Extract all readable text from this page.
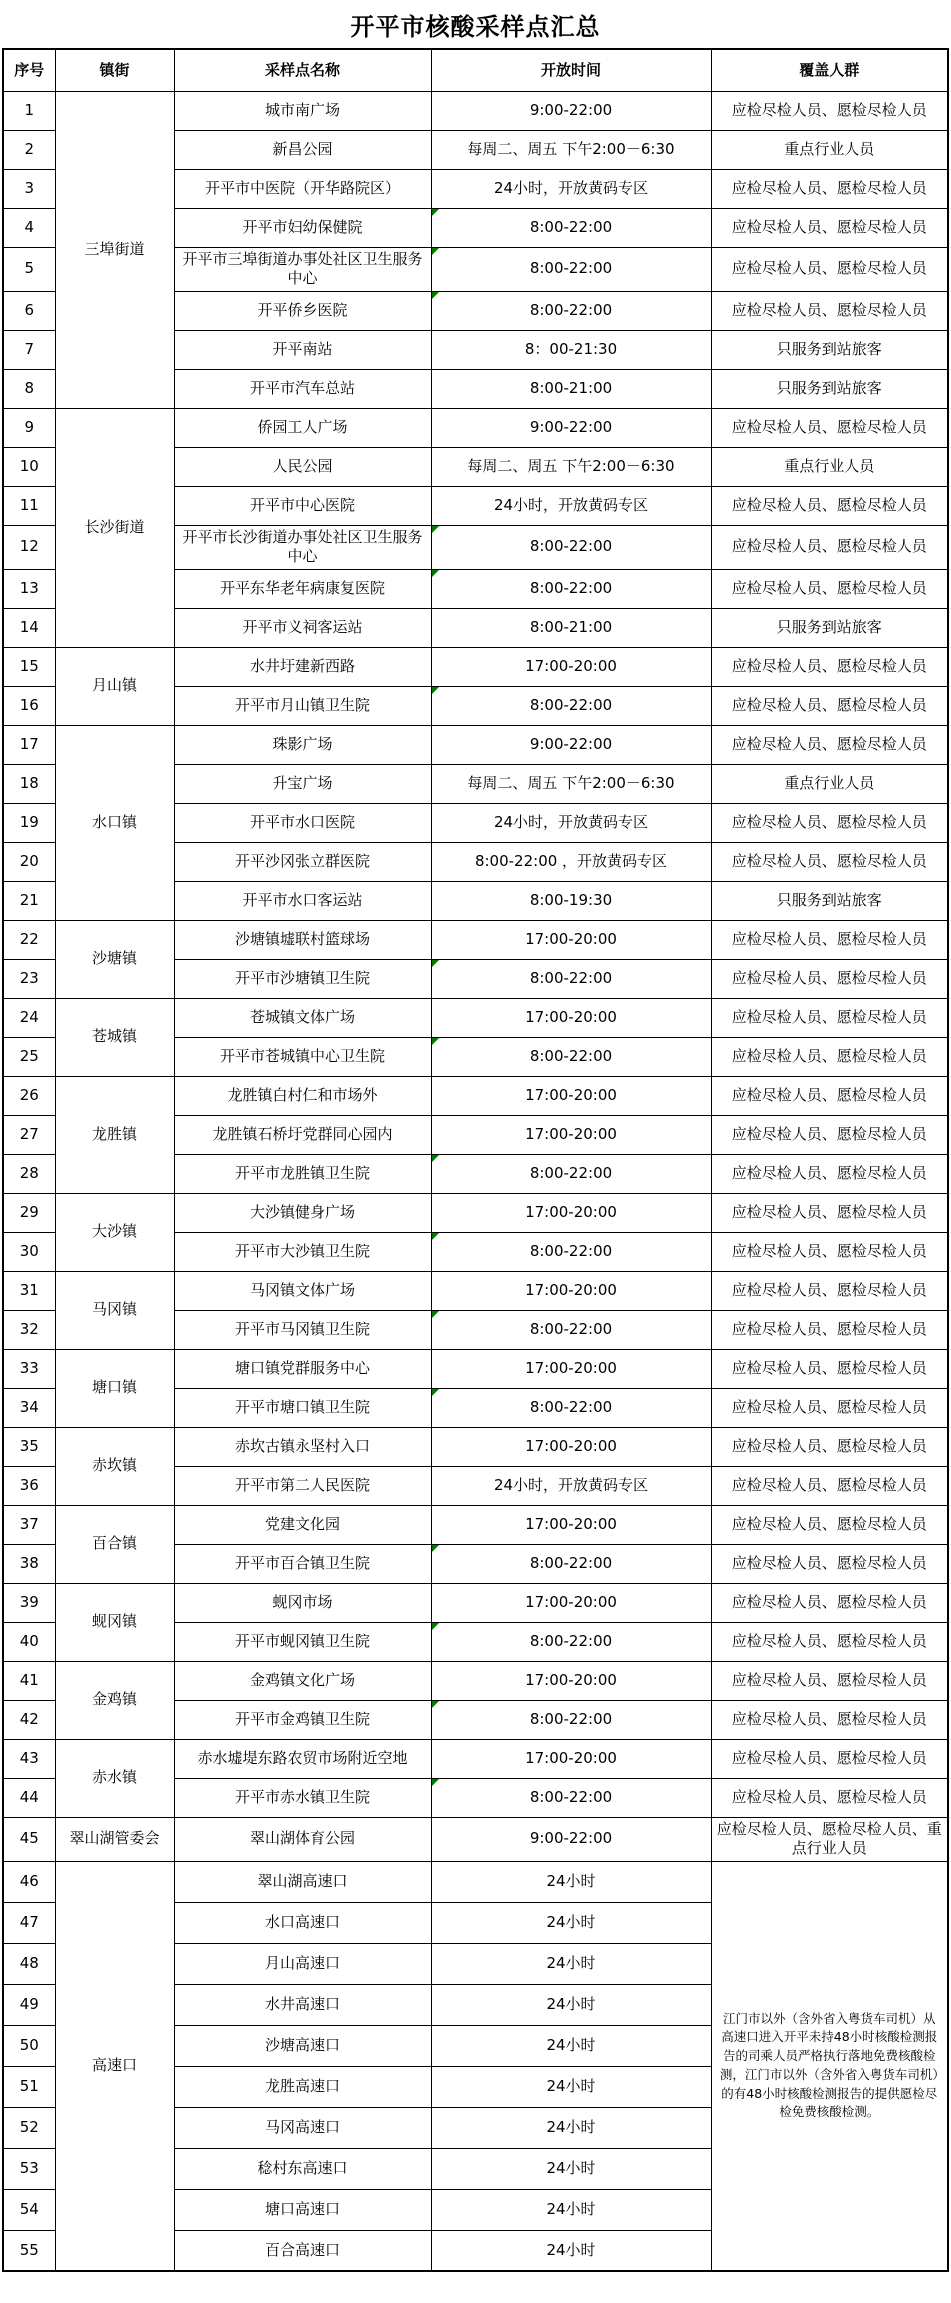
开平市核酸采样点汇总
序号	镇街	采样点名称	开放时间	覆盖人群
1	三埠街道	城市南广场	9:00-22:00	应检尽检人员、愿检尽检人员
2		新昌公园	每周二、周五 下午2:00－6:30	重点行业人员
3		开平市中医院（开华路院区）	24小时，开放黄码专区	应检尽检人员、愿检尽检人员
4		开平市妇幼保健院	8:00-22:00	应检尽检人员、愿检尽检人员
5		开平市三埠街道办事处社区卫生服务中心	8:00-22:00	应检尽检人员、愿检尽检人员
6		开平侨乡医院	8:00-22:00	应检尽检人员、愿检尽检人员
7		开平南站	8：00-21:30	只服务到站旅客
8		开平市汽车总站	8:00-21:00	只服务到站旅客
9	长沙街道	侨园工人广场	9:00-22:00	应检尽检人员、愿检尽检人员
10		人民公园	每周二、周五 下午2:00－6:30	重点行业人员
11		开平市中心医院	24小时，开放黄码专区	应检尽检人员、愿检尽检人员
12		开平市长沙街道办事处社区卫生服务中心	8:00-22:00	应检尽检人员、愿检尽检人员
13		开平东华老年病康复医院	8:00-22:00	应检尽检人员、愿检尽检人员
14		开平市义祠客运站	8:00-21:00	只服务到站旅客
15	月山镇	水井圩建新西路	17:00-20:00	应检尽检人员、愿检尽检人员
16		开平市月山镇卫生院	8:00-22:00	应检尽检人员、愿检尽检人员
17	水口镇	珠影广场	9:00-22:00	应检尽检人员、愿检尽检人员
18		升宝广场	每周二、周五 下午2:00－6:30	重点行业人员
19		开平市水口医院	24小时，开放黄码专区	应检尽检人员、愿检尽检人员
20		开平沙冈张立群医院	8:00-22:00 ，开放黄码专区	应检尽检人员、愿检尽检人员
21		开平市水口客运站	8:00-19:30	只服务到站旅客
22	沙塘镇	沙塘镇墟联村篮球场	17:00-20:00	应检尽检人员、愿检尽检人员
23		开平市沙塘镇卫生院	8:00-22:00	应检尽检人员、愿检尽检人员
24	苍城镇	苍城镇文体广场	17:00-20:00	应检尽检人员、愿检尽检人员
25		开平市苍城镇中心卫生院	8:00-22:00	应检尽检人员、愿检尽检人员
26	龙胜镇	龙胜镇白村仁和市场外	17:00-20:00	应检尽检人员、愿检尽检人员
27		龙胜镇石桥圩党群同心园内	17:00-20:00	应检尽检人员、愿检尽检人员
28		开平市龙胜镇卫生院	8:00-22:00	应检尽检人员、愿检尽检人员
29	大沙镇	大沙镇健身广场	17:00-20:00	应检尽检人员、愿检尽检人员
30		开平市大沙镇卫生院	8:00-22:00	应检尽检人员、愿检尽检人员
31	马冈镇	马冈镇文体广场	17:00-20:00	应检尽检人员、愿检尽检人员
32		开平市马冈镇卫生院	8:00-22:00	应检尽检人员、愿检尽检人员
33	塘口镇	塘口镇党群服务中心	17:00-20:00	应检尽检人员、愿检尽检人员
34		开平市塘口镇卫生院	8:00-22:00	应检尽检人员、愿检尽检人员
35	赤坎镇	赤坎古镇永坚村入口	17:00-20:00	应检尽检人员、愿检尽检人员
36		开平市第二人民医院	24小时，开放黄码专区	应检尽检人员、愿检尽检人员
37	百合镇	党建文化园	17:00-20:00	应检尽检人员、愿检尽检人员
38		开平市百合镇卫生院	8:00-22:00	应检尽检人员、愿检尽检人员
39	蚬冈镇	蚬冈市场	17:00-20:00	应检尽检人员、愿检尽检人员
40		开平市蚬冈镇卫生院	8:00-22:00	应检尽检人员、愿检尽检人员
41	金鸡镇	金鸡镇文化广场	17:00-20:00	应检尽检人员、愿检尽检人员
42		开平市金鸡镇卫生院	8:00-22:00	应检尽检人员、愿检尽检人员
43	赤水镇	赤水墟堤东路农贸市场附近空地	17:00-20:00	应检尽检人员、愿检尽检人员
44		开平市赤水镇卫生院	8:00-22:00	应检尽检人员、愿检尽检人员
45	翠山湖管委会	翠山湖体育公园	9:00-22:00	应检尽检人员、愿检尽检人员、重点行业人员
46	高速口	翠山湖高速口	24小时	江门市以外（含外省入粤货车司机）从高速口进入开平未持48小时核酸检测报告的司乘人员严格执行落地免费核酸检测，江门市以外（含外省入粤货车司机）的有48小时核酸检测报告的提供愿检尽检免费核酸检测。
47		水口高速口	24小时	
48		月山高速口	24小时	
49		水井高速口	24小时	
50		沙塘高速口	24小时	
51		龙胜高速口	24小时	
52		马冈高速口	24小时	
53		稔村东高速口	24小时	
54		塘口高速口	24小时	
55		百合高速口	24小时	
